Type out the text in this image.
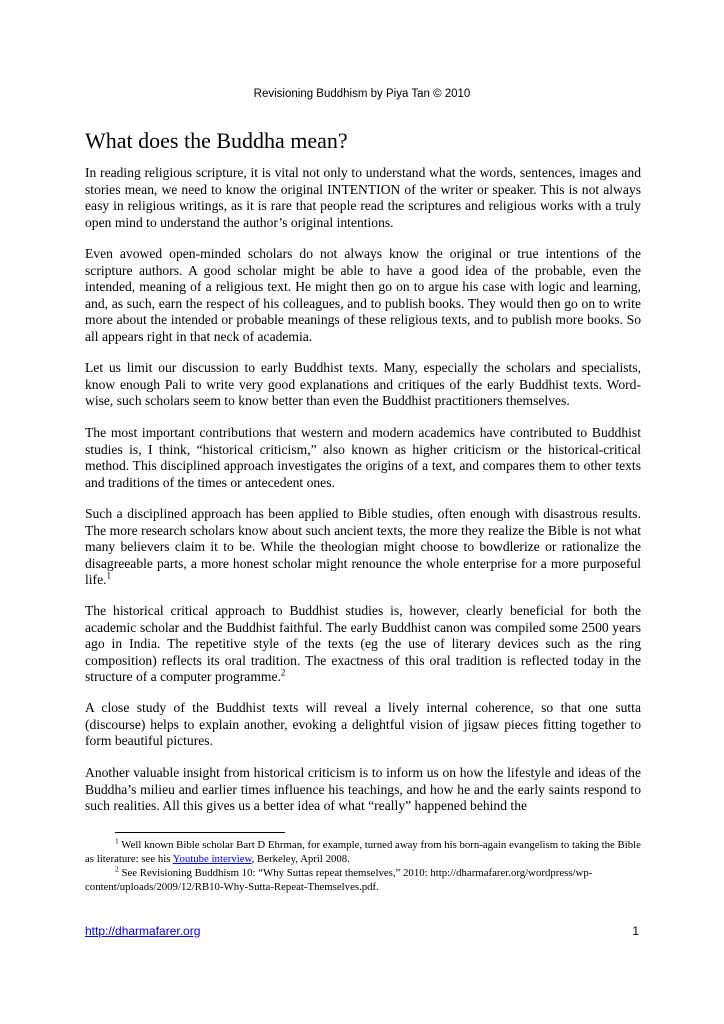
Revisioning Buddhism by Piya Tan © 2010
What does the Buddha mean?

In reading religious scripture, it is vital not only to understand what the words, sentences, images and stories mean, we need to know the original INTENTION of the writer or speaker. This is not always easy in religious writings, as it is rare that people read the scriptures and religious works with a truly open mind to understand the author’s original intentions.

Even avowed open-minded scholars do not always know the original or true intentions of the scripture authors. A good scholar might be able to have a good idea of the probable, even the intended, meaning of a religious text. He might then go on to argue his case with logic and learning, and, as such, earn the respect of his colleagues, and to publish books. They would then go on to write more about the intended or probable meanings of these religious texts, and to publish more books. So all appears right in that neck of academia.

Let us limit our discussion to early Buddhist texts. Many, especially the scholars and specialists, know enough Pali to write very good explanations and critiques of the early Buddhist texts. Word-wise, such scholars seem to know better than even the Buddhist practitioners themselves.

The most important contributions that western and modern academics have contributed to Buddhist studies is, I think, “historical criticism,” also known as higher criticism or the historical-critical method. This disciplined approach investigates the origins of a text, and compares them to other texts and traditions of the times or antecedent ones.

Such a disciplined approach has been applied to Bible studies, often enough with disastrous results. The more research scholars know about such ancient texts, the more they realize the Bible is not what many believers claim it to be. While the theologian might choose to bowdlerize or rationalize the disagreeable parts, a more honest scholar might renounce the whole enterprise for a more purposeful life.$^1$

The historical critical approach to Buddhist studies is, however, clearly beneficial for both the academic scholar and the Buddhist faithful. The early Buddhist canon was compiled some 2500 years ago in India. The repetitive style of the texts (eg the use of literary devices such as the ring composition) reflects its oral tradition. The exactness of this oral tradition is reflected today in the structure of a computer programme.$^2$

A close study of the Buddhist texts will reveal a lively internal coherence, so that one sutta (discourse) helps to explain another, evoking a delightful vision of jigsaw pieces fitting together to form beautiful pictures.

Another valuable insight from historical criticism is to inform us on how the lifestyle and ideas of the Buddha’s milieu and earlier times influence his teachings, and how he and the early saints respond to such realities. All this gives us a better idea of what “really” happened behind the

$^1$ Well known Bible scholar Bart D Ehrman, for example, turned away from his born-again evangelism to taking the Bible as literature: see his Youtube interview, Berkeley, April 2008.

$^2$ See Revisioning Buddhism 10: “Why Suttas repeat themselves,” 2010: http://dharmafarer.org/wordpress/wp-content/uploads/2009/12/RB10-Why-Sutta-Repeat-Themselves.pdf.

http://dharmafarer.org	1
